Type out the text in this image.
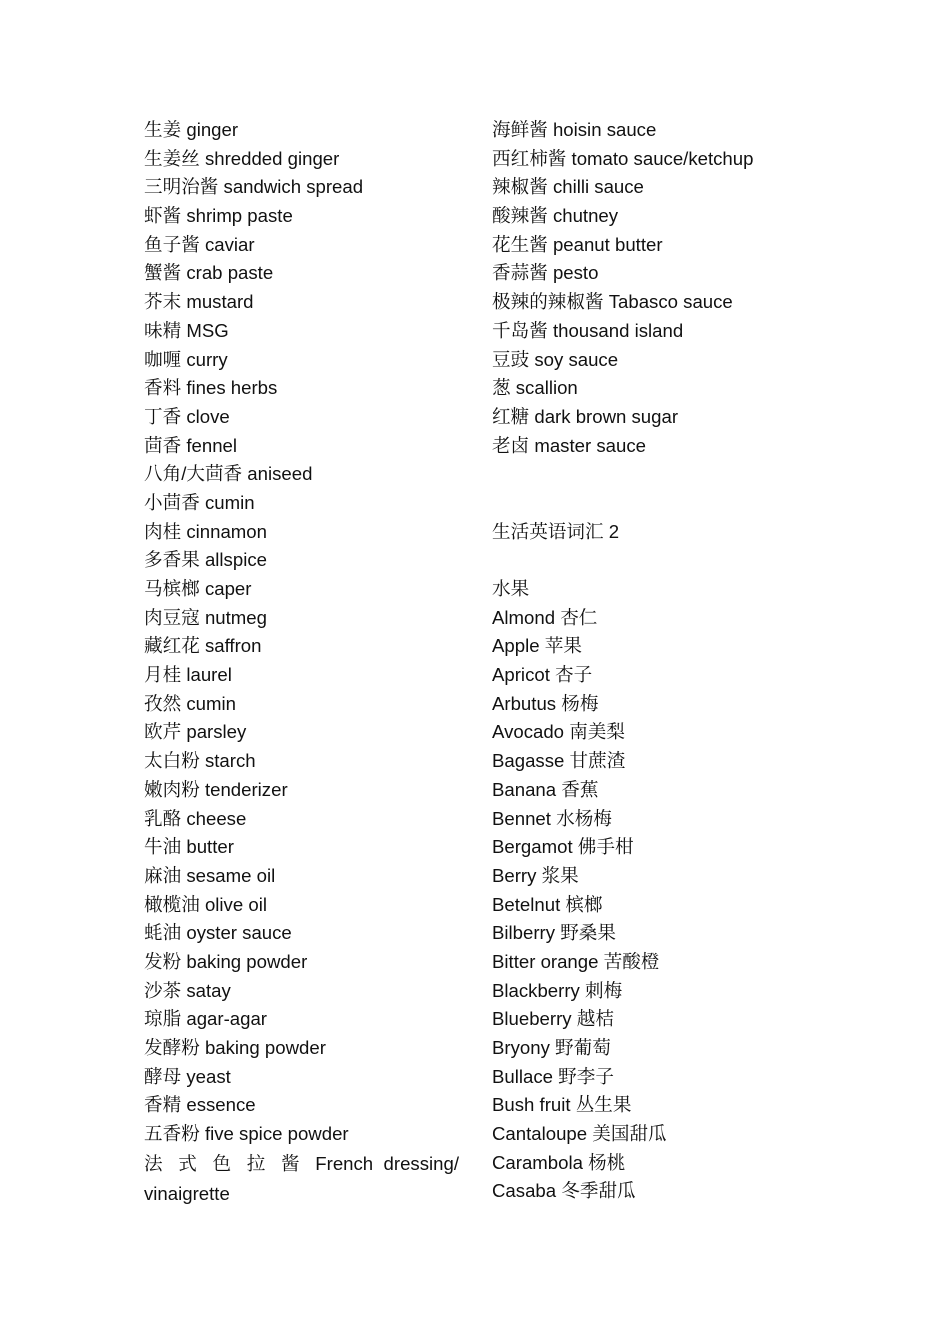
生姜 ginger
生姜丝 shredded ginger
三明治酱 sandwich spread
虾酱 shrimp paste
鱼子酱 caviar
蟹酱 crab paste
芥末 mustard
味精 MSG
咖喱 curry
香料 fines herbs
丁香 clove
茴香 fennel
八角/大茴香 aniseed
小茴香 cumin
肉桂 cinnamon
多香果 allspice
马槟榔 caper
肉豆寇 nutmeg
藏红花 saffron
月桂 laurel
孜然 cumin
欧芹 parsley
太白粉 starch
嫩肉粉 tenderizer
乳酪 cheese
牛油 butter
麻油 sesame oil
橄榄油 olive oil
蚝油 oyster sauce
发粉 baking powder
沙茶 satay
琼脂 agar-agar
发酵粉 baking powder
酵母 yeast
香精 essence
五香粉 five spice powder
法 式 色 拉 酱 French dressing/ vinaigrette
海鲜酱 hoisin sauce
西红柿酱 tomato sauce/ketchup
辣椒酱 chilli sauce
酸辣酱 chutney
花生酱 peanut butter
香蒜酱 pesto
极辣的辣椒酱 Tabasco sauce
千岛酱 thousand island
豆豉 soy sauce
葱 scallion
红糖 dark brown sugar
老卤 master sauce
生活英语词汇 2
水果
Almond 杏仁
Apple 苹果
Apricot 杏子
Arbutus 杨梅
Avocado 南美梨
Bagasse 甘蔗渣
Banana 香蕉
Bennet 水杨梅
Bergamot 佛手柑
Berry 浆果
Betelnut 槟榔
Bilberry 野桑果
Bitter orange 苦酸橙
Blackberry 刺梅
Blueberry 越桔
Bryony 野葡萄
Bullace 野李子
Bush fruit 丛生果
Cantaloupe 美国甜瓜
Carambola 杨桃
Casaba 冬季甜瓜
